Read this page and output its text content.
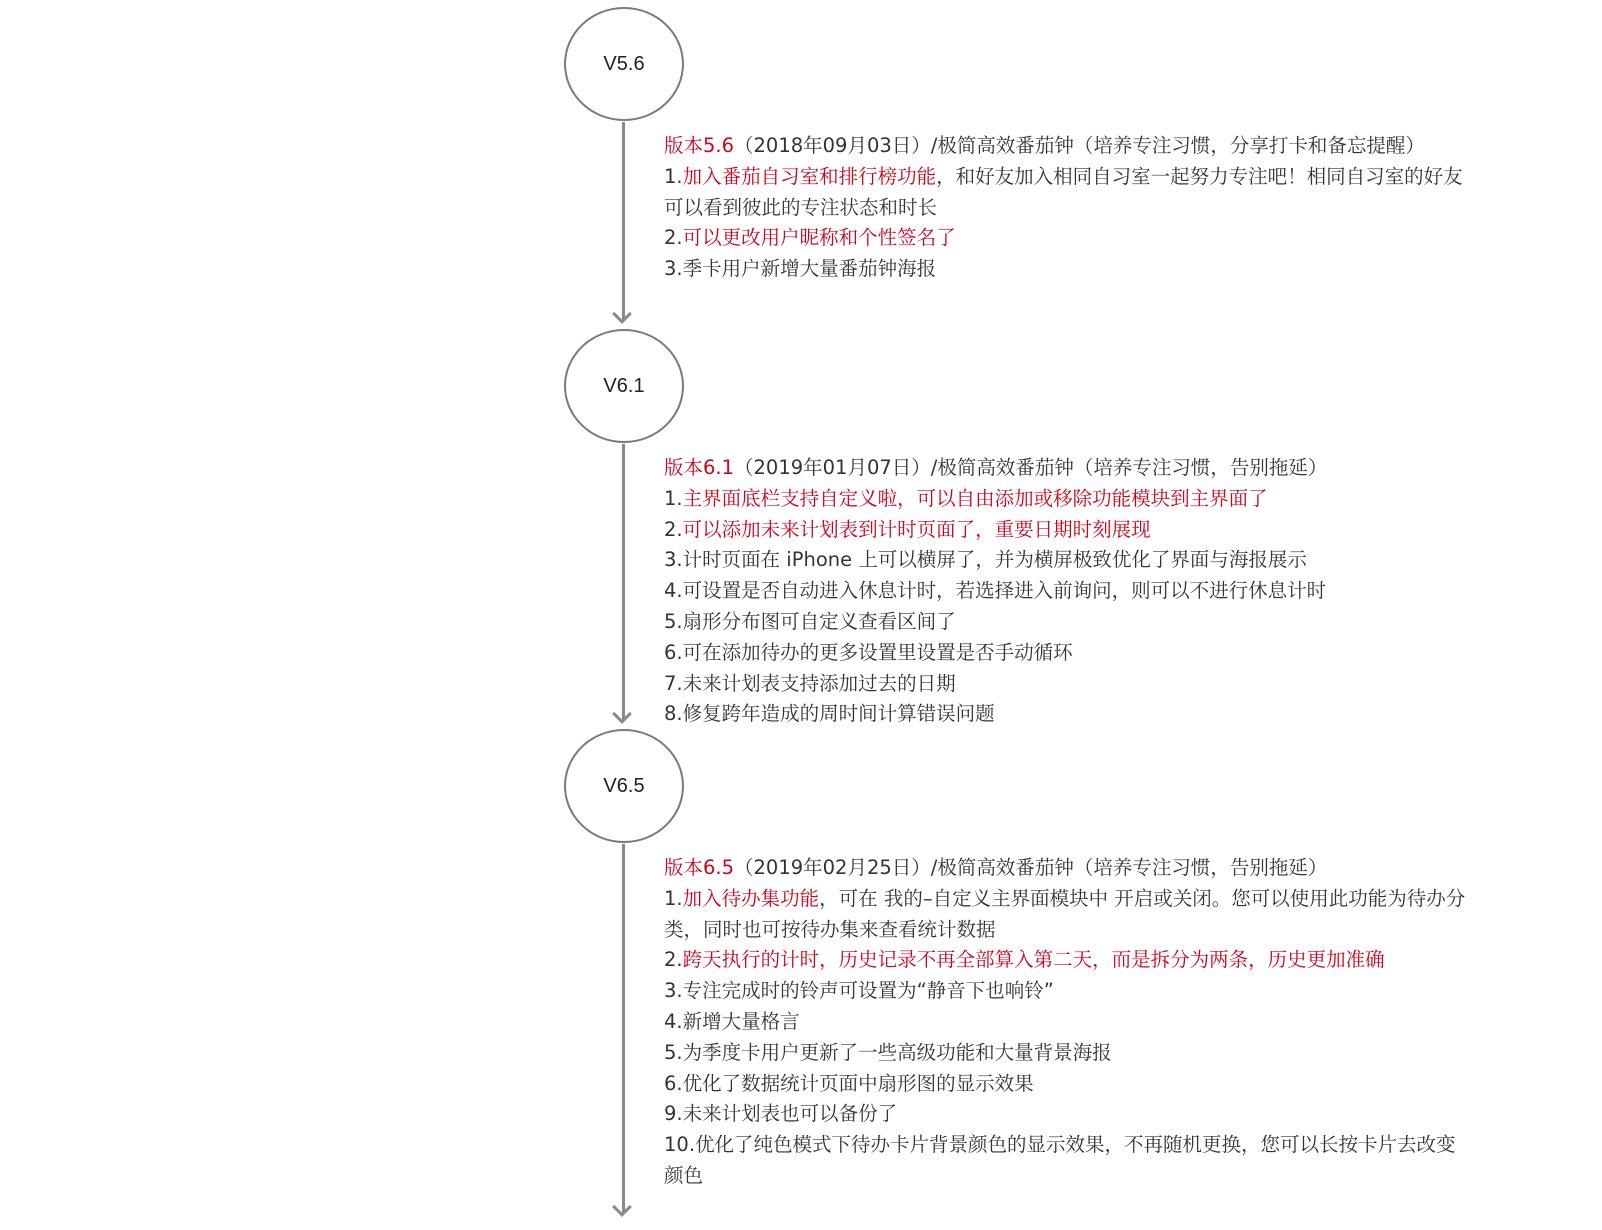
V5.6
V6.1
V6.5
版本5.6（2018年09月03日）/极简高效番茄钟（培养专注习惯，分享打卡和备忘提醒）
1.加入番茄自习室和排行榜功能，和好友加入相同自习室一起努力专注吧！相同自习室的好友
可以看到彼此的专注状态和时长
2.可以更改用户昵称和个性签名了
3.季卡用户新增大量番茄钟海报
版本6.1（2019年01月07日）/极简高效番茄钟（培养专注习惯，告别拖延）
1.主界面底栏支持自定义啦，可以自由添加或移除功能模块到主界面了
2.可以添加未来计划表到计时页面了，重要日期时刻展现
3.计时页面在 iPhone 上可以横屏了，并为横屏极致优化了界面与海报展示
4.可设置是否自动进入休息计时，若选择进入前询问，则可以不进行休息计时
5.扇形分布图可自定义查看区间了
6.可在添加待办的更多设置里设置是否手动循环
7.未来计划表支持添加过去的日期
8.修复跨年造成的周时间计算错误问题
版本6.5（2019年02月25日）/极简高效番茄钟（培养专注习惯，告别拖延）
1.加入待办集功能，可在 我的–自定义主界面模块中 开启或关闭。您可以使用此功能为待办分
类，同时也可按待办集来查看统计数据
2.跨天执行的计时，历史记录不再全部算入第二天，而是拆分为两条，历史更加准确
3.专注完成时的铃声可设置为“静音下也响铃”
4.新增大量格言
5.为季度卡用户更新了一些高级功能和大量背景海报
6.优化了数据统计页面中扇形图的显示效果
9.未来计划表也可以备份了
10.优化了纯色模式下待办卡片背景颜色的显示效果，不再随机更换，您可以长按卡片去改变
颜色
